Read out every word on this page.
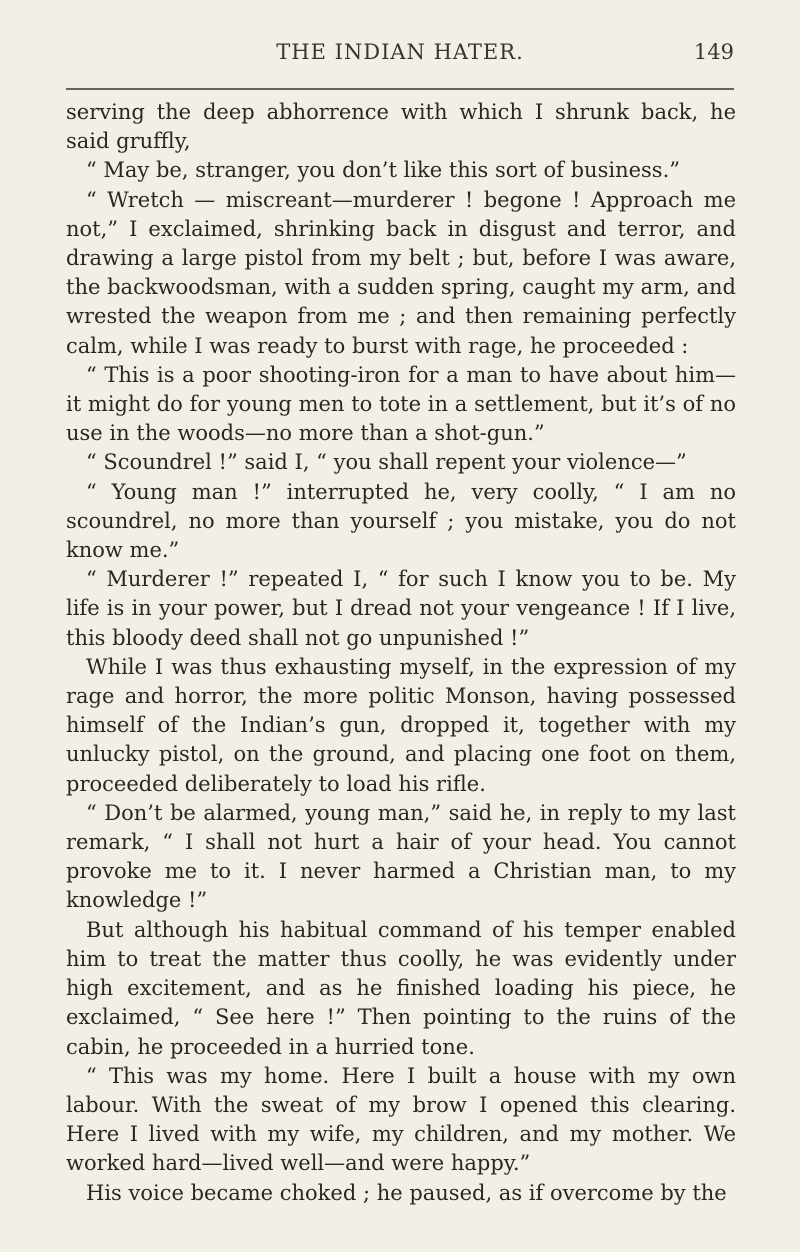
THE INDIAN HATER.	149

serving the deep abhorrence with which I shrunk back, he said gruffly,

“ May be, stranger, you don’t like this sort of business.”

“ Wretch — miscreant—murderer ! begone ! Approach me not,” I exclaimed, shrinking back in disgust and terror, and drawing a large pistol from my belt ; but, before I was aware, the backwoodsman, with a sudden spring, caught my arm, and wrested the weapon from me ; and then remaining perfectly calm, while I was ready to burst with rage, he proceeded :

“ This is a poor shooting-iron for a man to have about him—it might do for young men to tote in a settlement, but it’s of no use in the woods—no more than a shot-gun.”

“ Scoundrel !” said I, “ you shall repent your violence—”

“ Young man !” interrupted he, very coolly, “ I am no scoundrel, no more than yourself ; you mistake, you do not know me.”

“ Murderer !” repeated I, “ for such I know you to be. My life is in your power, but I dread not your vengeance ! If I live, this bloody deed shall not go unpunished !”

While I was thus exhausting myself, in the expression of my rage and horror, the more politic Monson, having possessed himself of the Indian’s gun, dropped it, together with my unlucky pistol, on the ground, and placing one foot on them, proceeded deliberately to load his rifle.

“ Don’t be alarmed, young man,” said he, in reply to my last remark, “ I shall not hurt a hair of your head. You cannot provoke me to it. I never harmed a Christian man, to my knowledge !”

But although his habitual command of his temper enabled him to treat the matter thus coolly, he was evidently under high excitement, and as he finished loading his piece, he exclaimed, “ See here !” Then pointing to the ruins of the cabin, he proceeded in a hurried tone.

“ This was my home. Here I built a house with my own labour. With the sweat of my brow I opened this clearing. Here I lived with my wife, my children, and my mother. We worked hard—lived well—and were happy.”

His voice became choked ; he paused, as if overcome by the
